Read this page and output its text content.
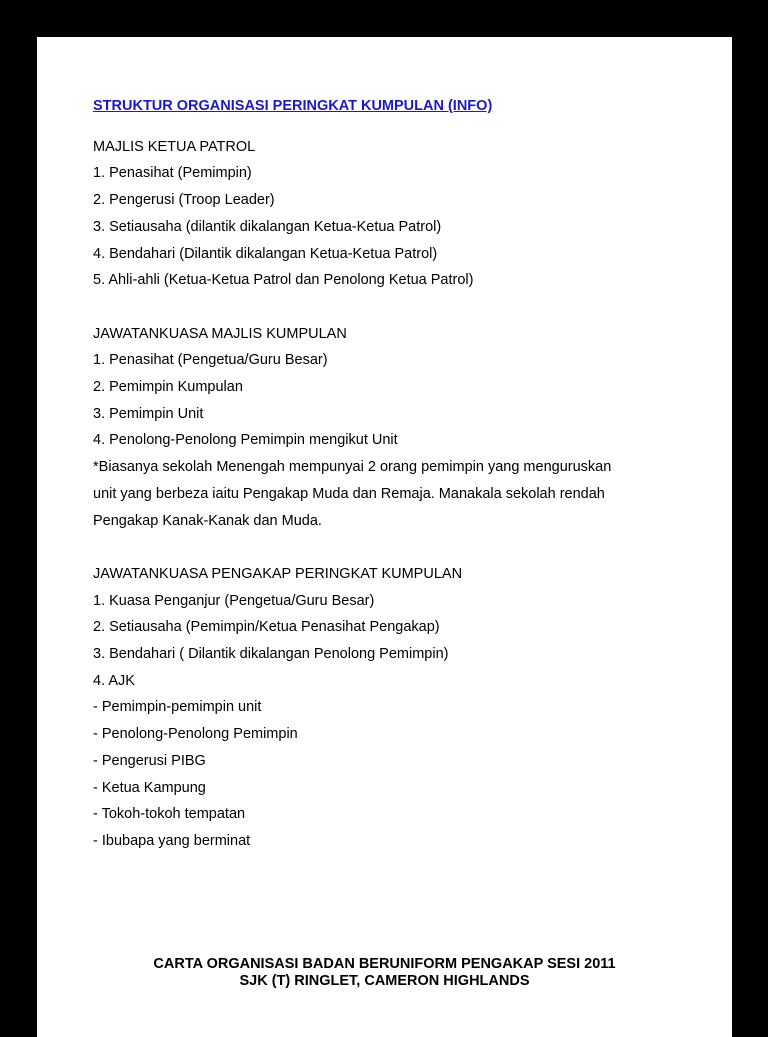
STRUKTUR ORGANISASI PERINGKAT KUMPULAN (INFO)
MAJLIS KETUA PATROL
1. Penasihat (Pemimpin)
2. Pengerusi (Troop Leader)
3. Setiausaha (dilantik dikalangan Ketua-Ketua Patrol)
4. Bendahari (Dilantik dikalangan Ketua-Ketua Patrol)
5. Ahli-ahli (Ketua-Ketua Patrol dan Penolong Ketua Patrol)
JAWATANKUASA MAJLIS KUMPULAN
1. Penasihat (Pengetua/Guru Besar)
2. Pemimpin Kumpulan
3. Pemimpin Unit
4. Penolong-Penolong Pemimpin mengikut Unit
*Biasanya sekolah Menengah mempunyai 2 orang pemimpin yang menguruskan
unit yang berbeza iaitu Pengakap Muda dan Remaja. Manakala sekolah rendah
Pengakap Kanak-Kanak dan Muda.
JAWATANKUASA PENGAKAP PERINGKAT KUMPULAN
1. Kuasa Penganjur (Pengetua/Guru Besar)
2. Setiausaha (Pemimpin/Ketua Penasihat Pengakap)
3. Bendahari ( Dilantik dikalangan Penolong Pemimpin)
4. AJK
- Pemimpin-pemimpin unit
- Penolong-Penolong Pemimpin
- Pengerusi PIBG
- Ketua Kampung
- Tokoh-tokoh tempatan
- Ibubapa yang berminat
CARTA ORGANISASI BADAN BERUNIFORM PENGAKAP SESI 2011
SJK (T) RINGLET, CAMERON HIGHLANDS
